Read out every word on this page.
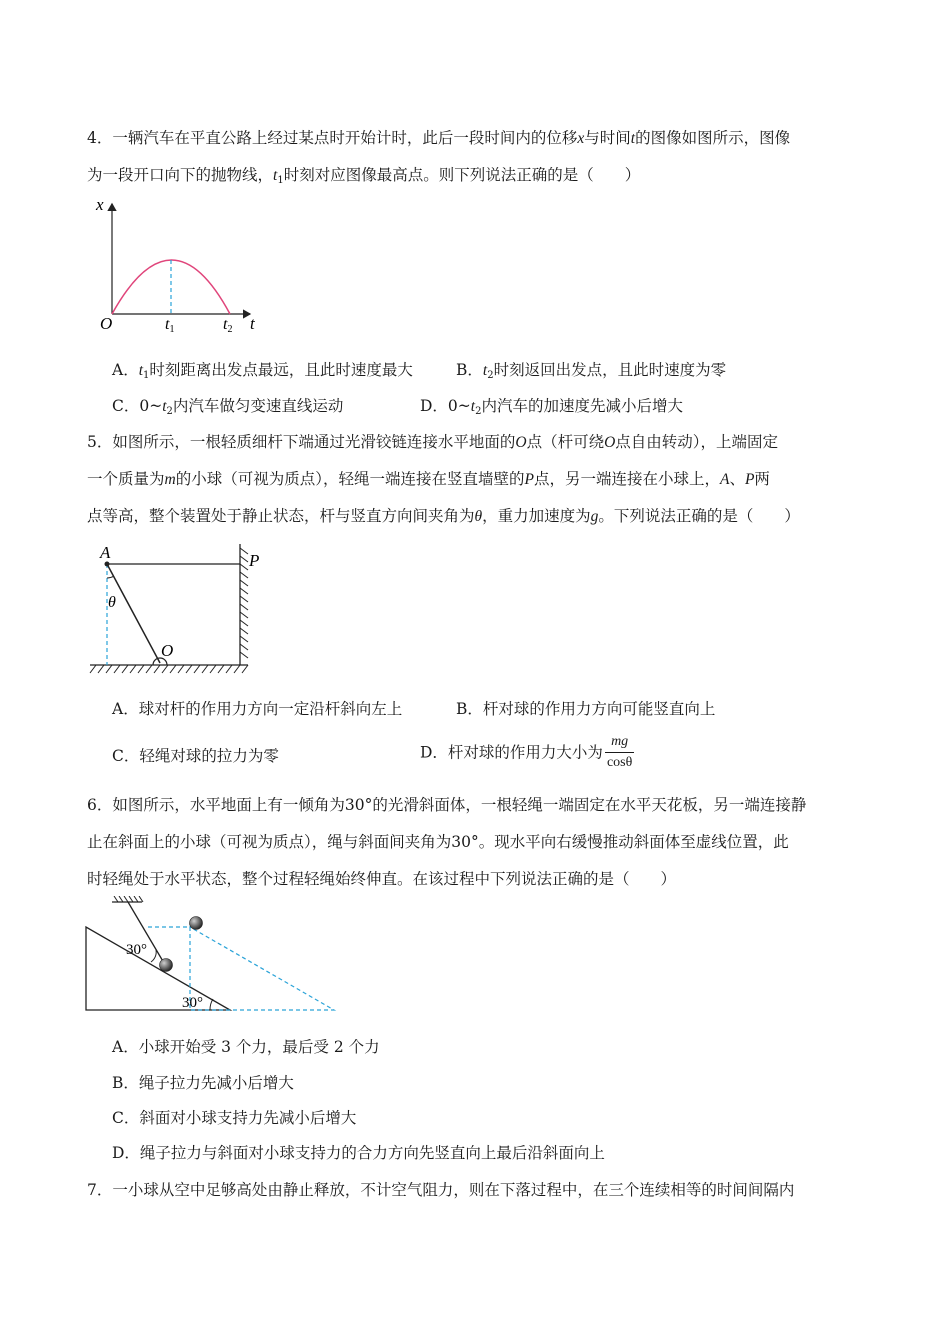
4．一辆汽车在平直公路上经过某点时开始计时，此后一段时间内的位移x与时间t的图像如图所示，图像
为一段开口向下的抛物线，$t_1$时刻对应图像最高点。则下列说法正确的是（　　）
x
t
O	t1	t2
A．$t_1$时刻距离出发点最远，且此时速度最大	B．$t_2$时刻返回出发点，且此时速度为零
C．$0\sim t_2$内汽车做匀变速直线运动	D．$0\sim t_2$内汽车的加速度先减小后增大
5．如图所示，一根轻质细杆下端通过光滑铰链连接水平地面的O点（杆可绕O点自由转动），上端固定
一个质量为m的小球（可视为质点），轻绳一端连接在竖直墙壁的P点，另一端连接在小球上，A、P两
点等高，整个装置处于静止状态，杆与竖直方向间夹角为θ，重力加速度为g。下列说法正确的是（　　）
A	P
O
θ
A．球对杆的作用力方向一定沿杆斜向左上	B．杆对球的作用力方向可能竖直向上
C．轻绳对球的拉力为零	D．杆对球的作用力大小为 $\frac{mg}{\cos\theta}$
6．如图所示，水平地面上有一倾角为30°的光滑斜面体，一根轻绳一端固定在水平天花板，另一端连接静
止在斜面上的小球（可视为质点），绳与斜面间夹角为30°。现水平向右缓慢推动斜面体至虚线位置，此
时轻绳处于水平状态，整个过程轻绳始终伸直。在该过程中下列说法正确的是（　　）
30°
30°
A．小球开始受 3 个力，最后受 2 个力
B．绳子拉力先减小后增大
C．斜面对小球支持力先减小后增大
D．绳子拉力与斜面对小球支持力的合力方向先竖直向上最后沿斜面向上
7．一小球从空中足够高处由静止释放，不计空气阻力，则在下落过程中，在三个连续相等的时间间隔内
